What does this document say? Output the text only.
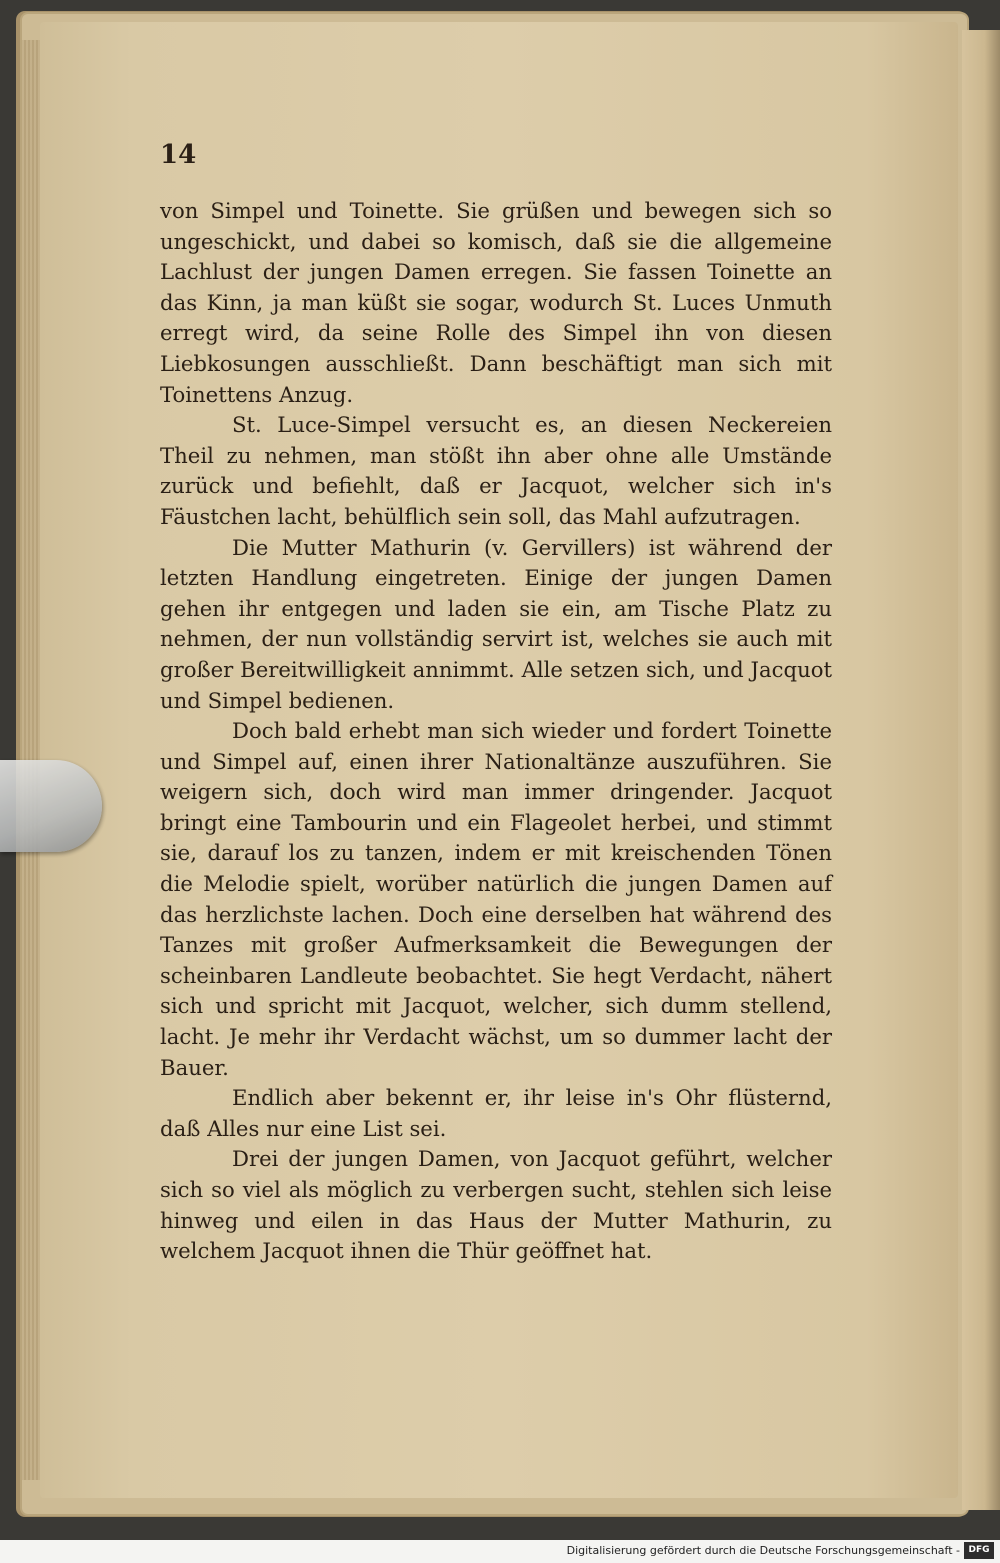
14

von Simpel und Toinette. Sie grüßen und bewegen sich so ungeschickt, und dabei so komisch, daß sie die allgemeine Lachlust der jungen Damen erregen. Sie fassen Toinette an das Kinn, ja man küßt sie sogar, wodurch St. Luces Unmuth erregt wird, da seine Rolle des Simpel ihn von diesen Liebkosungen ausschließt. Dann beschäftigt man sich mit Toinettens Anzug.

St. Luce-Simpel versucht es, an diesen Neckereien Theil zu nehmen, man stößt ihn aber ohne alle Umstände zurück und befiehlt, daß er Jacquot, welcher sich in's Fäustchen lacht, behülflich sein soll, das Mahl aufzutragen.

Die Mutter Mathurin (v. Gervillers) ist während der letzten Handlung eingetreten. Einige der jungen Damen gehen ihr entgegen und laden sie ein, am Tische Platz zu nehmen, der nun vollständig servirt ist, welches sie auch mit großer Bereitwilligkeit annimmt. Alle setzen sich, und Jacquot und Simpel bedienen.

Doch bald erhebt man sich wieder und fordert Toinette und Simpel auf, einen ihrer Nationaltänze auszuführen. Sie weigern sich, doch wird man immer dringender. Jacquot bringt eine Tambourin und ein Flageolet herbei, und stimmt sie, darauf los zu tanzen, indem er mit kreischenden Tönen die Melodie spielt, worüber natürlich die jungen Damen auf das herzlichste lachen. Doch eine derselben hat während des Tanzes mit großer Aufmerksamkeit die Bewegungen der scheinbaren Landleute beobachtet. Sie hegt Verdacht, nähert sich und spricht mit Jacquot, welcher, sich dumm stellend, lacht. Je mehr ihr Verdacht wächst, um so dummer lacht der Bauer.

Endlich aber bekennt er, ihr leise in's Ohr flüsternd, daß Alles nur eine List sei.

Drei der jungen Damen, von Jacquot geführt, welcher sich so viel als möglich zu verbergen sucht, stehlen sich leise hinweg und eilen in das Haus der Mutter Mathurin, zu welchem Jacquot ihnen die Thür geöffnet hat.

Digitalisierung gefördert durch die Deutsche Forschungsgemeinschaft - DFG
